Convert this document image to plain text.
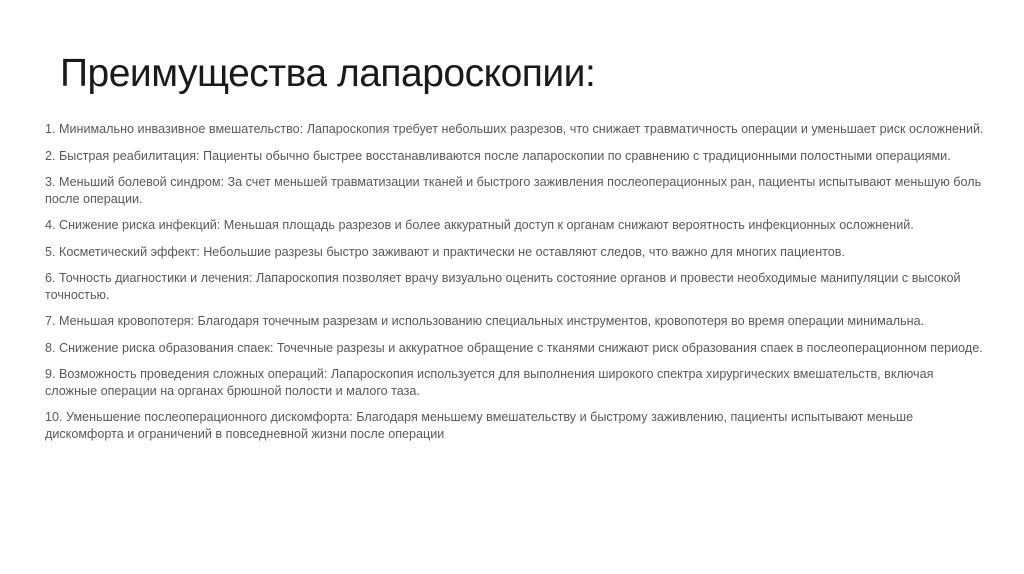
Преимущества лапароскопии:
1. Минимально инвазивное вмешательство: Лапароскопия требует небольших разрезов, что снижает травматичность операции и уменьшает риск осложнений.
2. Быстрая реабилитация: Пациенты обычно быстрее восстанавливаются после лапароскопии по сравнению с традиционными полостными операциями.
3. Меньший болевой синдром: За счет меньшей травматизации тканей и быстрого заживления послеоперационных ран, пациенты испытывают меньшую боль после операции.
4. Снижение риска инфекций: Меньшая площадь разрезов и более аккуратный доступ к органам снижают вероятность инфекционных осложнений.
5. Косметический эффект: Небольшие разрезы быстро заживают и практически не оставляют следов, что важно для многих пациентов.
6. Точность диагностики и лечения: Лапароскопия позволяет врачу визуально оценить состояние органов и провести необходимые манипуляции с высокой точностью.
7. Меньшая кровопотеря: Благодаря точечным разрезам и использованию специальных инструментов, кровопотеря во время операции минимальна.
8. Снижение риска образования спаек: Точечные разрезы и аккуратное обращение с тканями снижают риск образования спаек в послеоперационном периоде.
9. Возможность проведения сложных операций: Лапароскопия используется для выполнения широкого спектра хирургических вмешательств, включая сложные операции на органах брюшной полости и малого таза.
10. Уменьшение послеоперационного дискомфорта: Благодаря меньшему вмешательству и быстрому заживлению, пациенты испытывают меньше дискомфорта и ограничений в повседневной жизни после операции
